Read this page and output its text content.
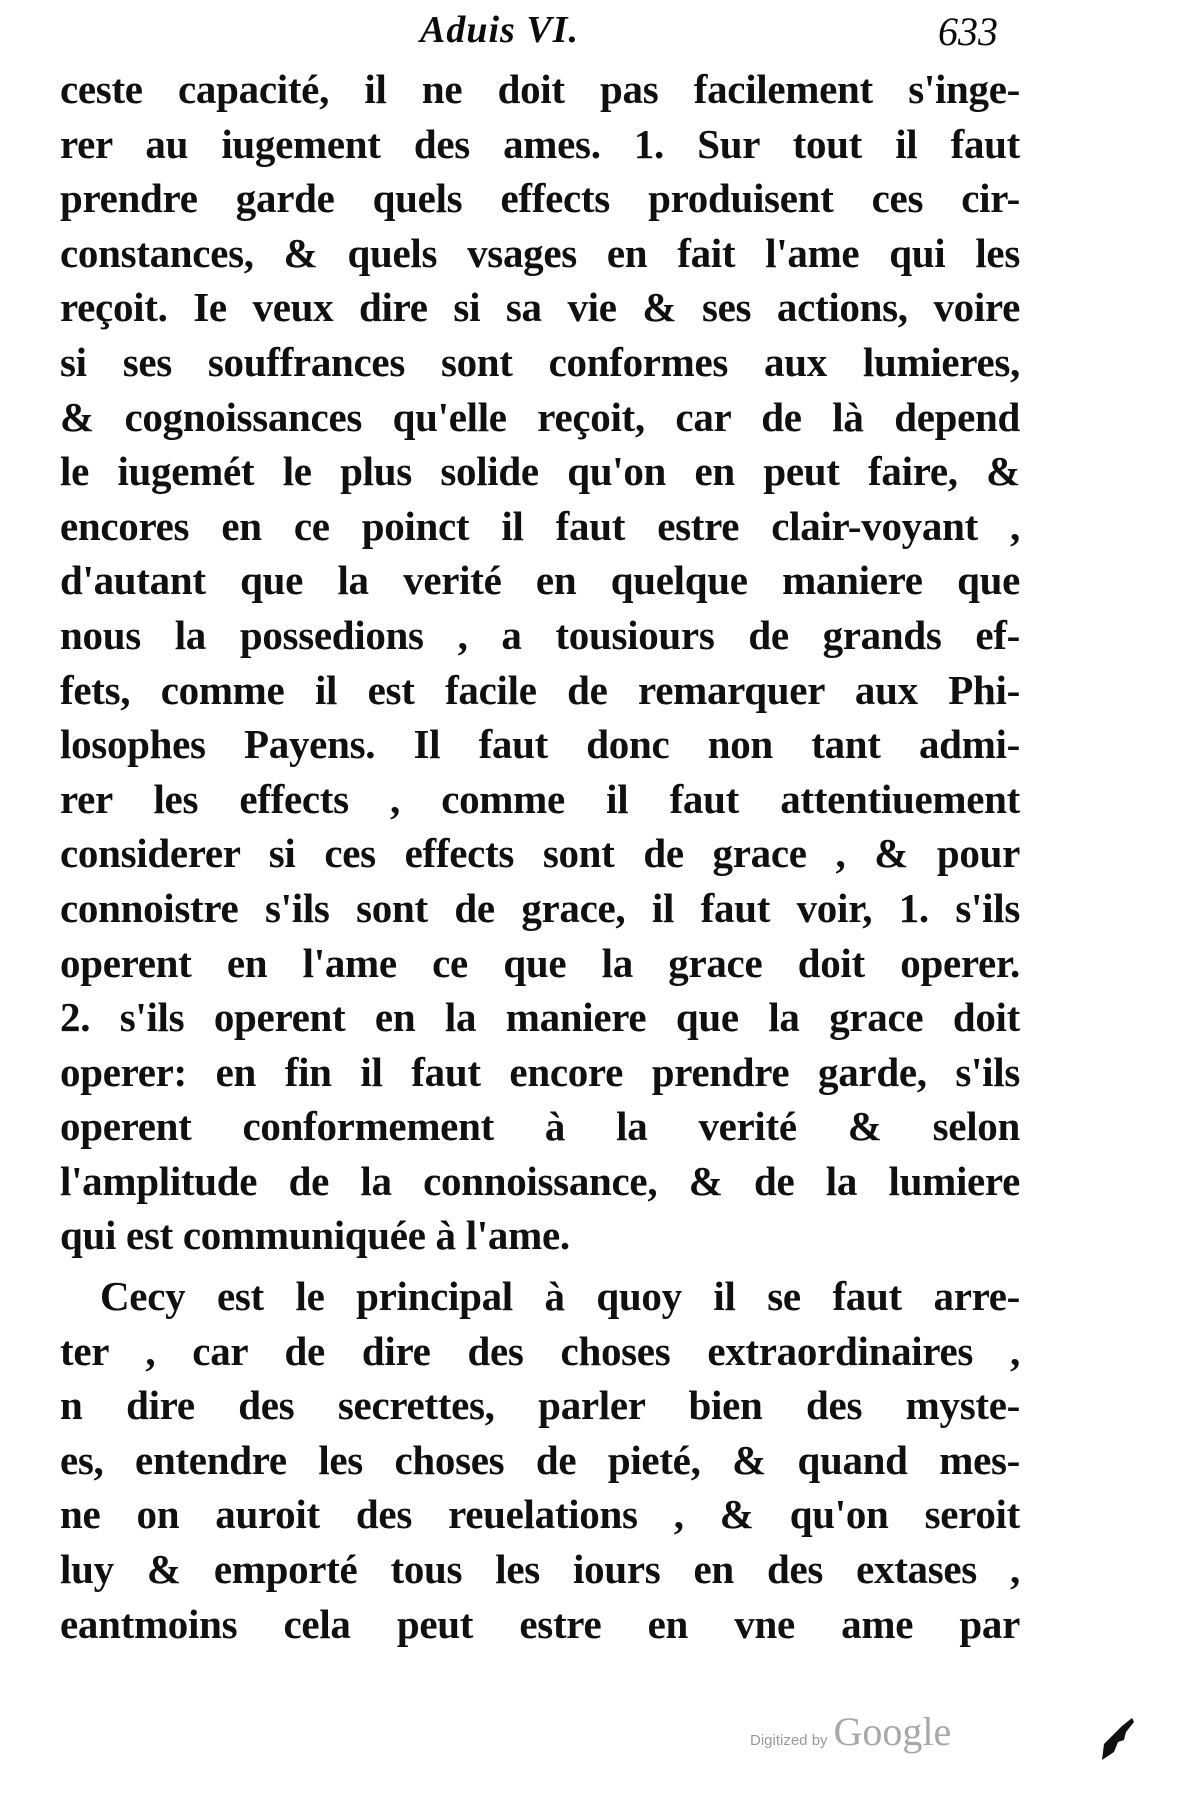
Aduis VI.	633
ceste capacité, il ne doit pas facilement s'inge-
rer au iugement des ames. 1. Sur tout il faut
prendre garde quels effects produisent ces cir-
constances, & quels vsages en fait l'ame qui les
reçoit. Ie veux dire si sa vie & ses actions, voire
si ses souffrances sont conformes aux lumieres,
& cognoissances qu'elle reçoit, car de là depend
le iugemét le plus solide qu'on en peut faire, &
encores en ce poinct il faut estre clair-voyant ,
d'autant que la verité en quelque maniere que
nous la possedions , a tousiours de grands ef-
fets, comme il est facile de remarquer aux Phi-
losophes Payens. Il faut donc non tant admi-
rer les effects , comme il faut attentiuement
considerer si ces effects sont de grace , & pour
connoistre s'ils sont de grace, il faut voir, 1. s'ils
operent en l'ame ce que la grace doit operer.
2. s'ils operent en la maniere que la grace doit
operer: en fin il faut encore prendre garde, s'ils
operent conformement à la verité & selon
l'amplitude de la connoissance, & de la lumiere
qui est communiquée à l'ame.
Cecy est le principal à quoy il se faut arre-
ter , car de dire des choses extraordinaires ,
n dire des secrettes, parler bien des myste-
es, entendre les choses de pieté, & quand mes-
ne on auroit des reuelations , & qu'on seroit
luy & emporté tous les iours en des extases ,
eantmoins cela peut estre en vne ame par
Digitized by Google
